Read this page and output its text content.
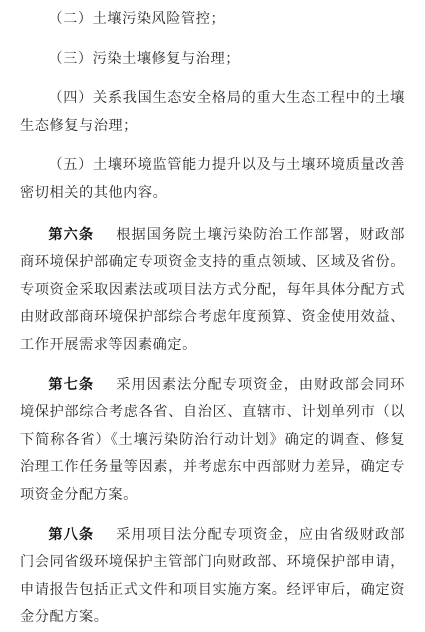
（二）土壤污染风险管控；

（三）污染土壤修复与治理；

（四）关系我国生态安全格局的重大生态工程中的土壤生态修复与治理；

（五）土壤环境监管能力提升以及与土壤环境质量改善密切相关的其他内容。

第六条 根据国务院土壤污染防治工作部署，财政部商环境保护部确定专项资金支持的重点领域、区域及省份。专项资金采取因素法或项目法方式分配，每年具体分配方式由财政部商环境保护部综合考虑年度预算、资金使用效益、工作开展需求等因素确定。

第七条 采用因素法分配专项资金，由财政部会同环境保护部综合考虑各省、自治区、直辖市、计划单列市（以下简称各省）《土壤污染防治行动计划》确定的调查、修复治理工作任务量等因素，并考虑东中西部财力差异，确定专项资金分配方案。

第八条 采用项目法分配专项资金，应由省级财政部门会同省级环境保护主管部门向财政部、环境保护部申请，申请报告包括正式文件和项目实施方案。经评审后，确定资金分配方案。
